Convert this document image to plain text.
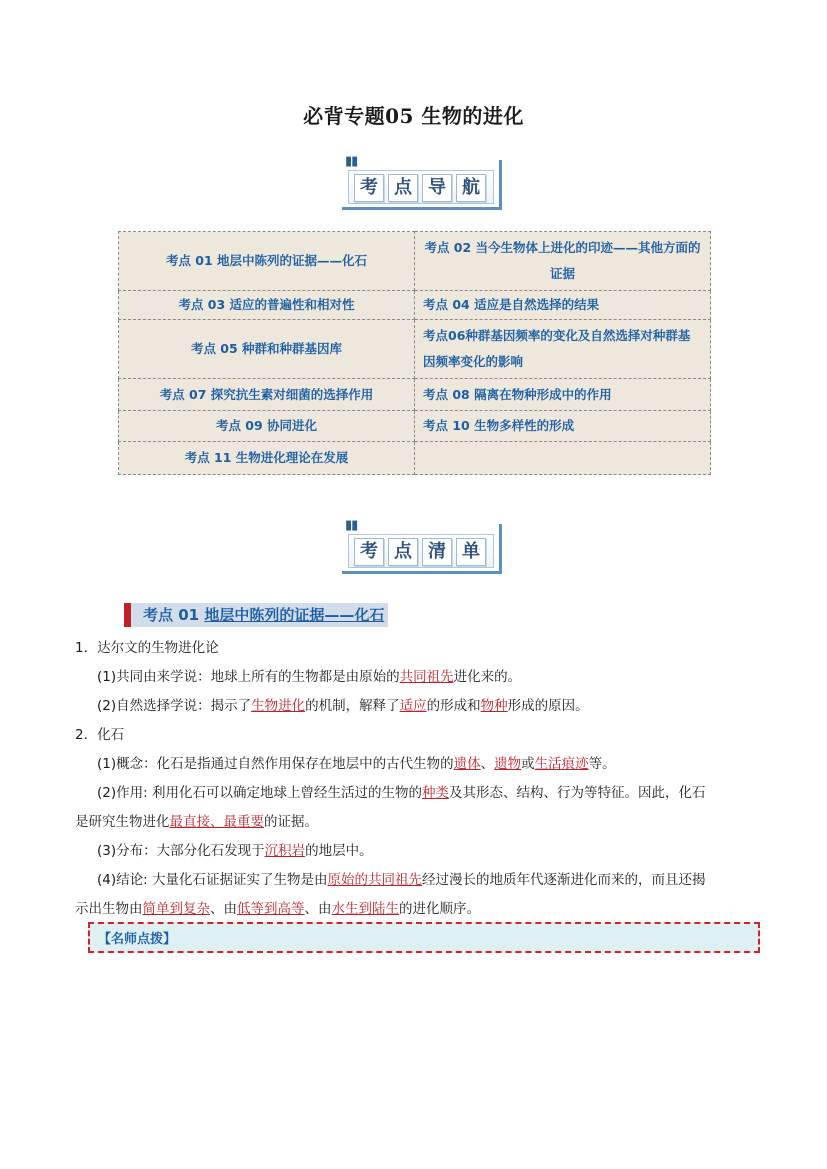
必背专题05 生物的进化
▮▮
考 点 导 航
考点 01 地层中陈列的证据——化石	考点 02 当今生物体上进化的印迹——其他方面的证据
考点 03 适应的普遍性和相对性	考点 04 适应是自然选择的结果
考点 05 种群和种群基因库	考点06种群基因频率的变化及自然选择对种群基因频率变化的影响
考点 07 探究抗生素对细菌的选择作用	考点 08 隔离在物种形成中的作用
考点 09 协同进化	考点 10 生物多样性的形成
考点 11 生物进化理论在发展	
▮▮
考 点 清 单
考点 01 地层中陈列的证据——化石

1．达尔文的生物进化论

(1)共同由来学说：地球上所有的生物都是由原始的共同祖先进化来的。

(2)自然选择学说：揭示了生物进化的机制，解释了适应的形成和物种形成的原因。

2．化石

(1)概念：化石是指通过自然作用保存在地层中的古代生物的遗体、遗物或生活痕迹等。

(2)作用: 利用化石可以确定地球上曾经生活过的生物的种类及其形态、结构、行为等特征。因此，化石

是研究生物进化最直接、最重要的证据。

(3)分布：大部分化石发现于沉积岩的地层中。

(4)结论: 大量化石证据证实了生物是由原始的共同祖先经过漫长的地质年代逐渐进化而来的，而且还揭

示出生物由简单到复杂、由低等到高等、由水生到陆生的进化顺序。

【名师点拨】
